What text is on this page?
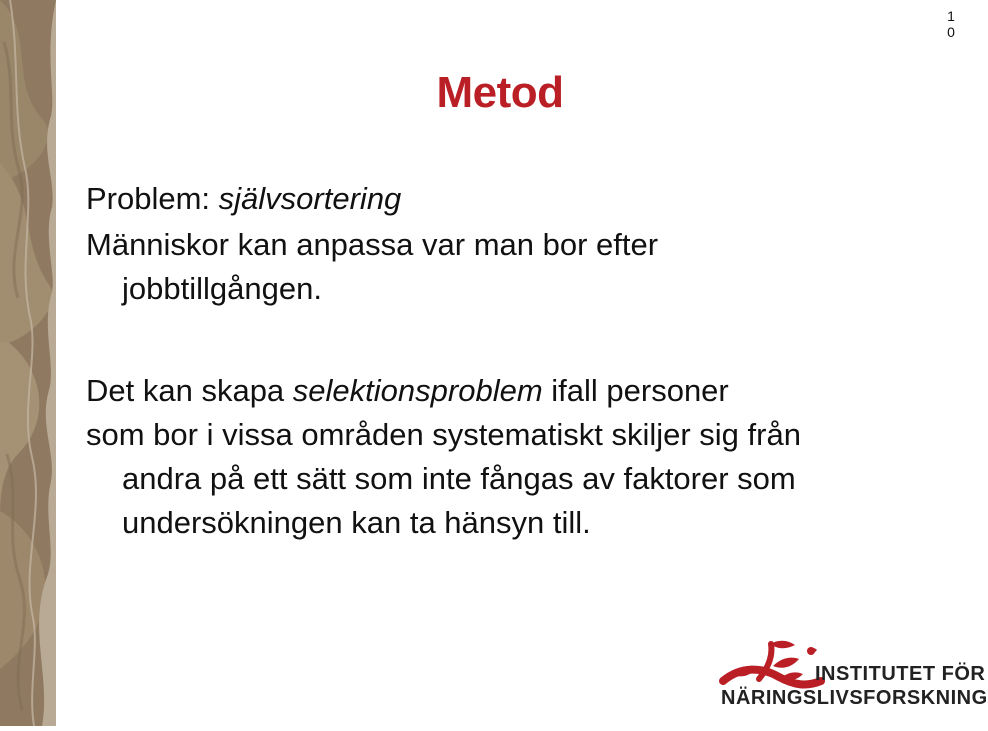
1
0
Metod
Problem: självsortering
Människor kan anpassa var man bor efter
jobbtillgången.
Det kan skapa selektionsproblem ifall personer
som bor i vissa områden systematiskt skiljer sig från
andra på ett sätt som inte fångas av faktorer som
undersökningen kan ta hänsyn till.
INSTITUTET FÖR
NÄRINGSLIVSFORSKNING
